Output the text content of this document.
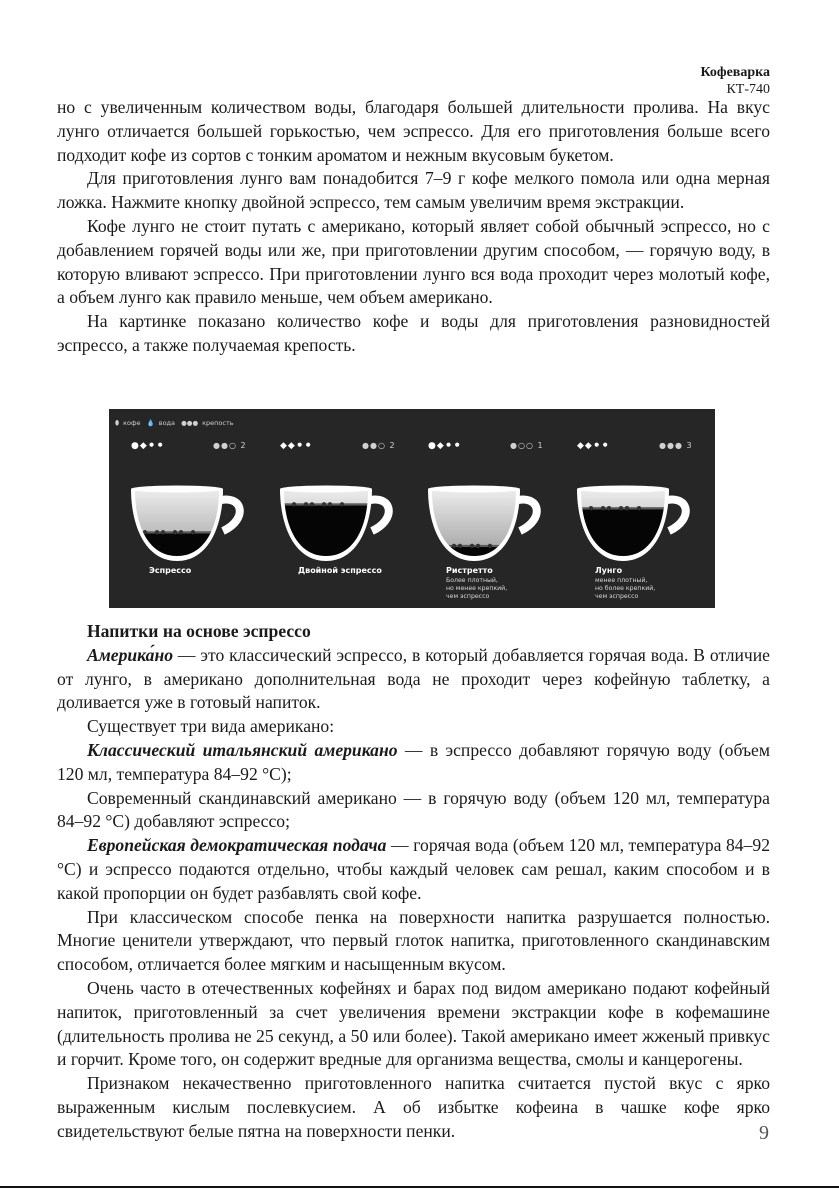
Кофеварка
КТ-740

но с увеличенным количеством воды, благодаря большей длительности пролива. На вкус лунго отличается большей горькостью, чем эспрессо. Для его приготовления больше всего подходит кофе из сортов с тонким ароматом и нежным вкусовым букетом.

Для приготовления лунго вам понадобится 7–9 г кофе мелкого помола или одна мерная ложка. Нажмите кнопку двойной эспрессо, тем самым увеличим время экстракции.

Кофе лунго не стоит путать с американо, который являет собой обычный эспрессо, но с добавлением горячей воды или же, при приготовлении другим способом, — горячую воду, в которую вливают эспрессо. При приготовлении лунго вся вода проходит через молотый кофе, а объем лунго как правило меньше, чем объем американо.

На картинке показано количество кофе и воды для приготовления разновидностей эспрессо, а также получаемая крепость.

⬮ кофе 💧 вода ●●● крепость
●◆⚫⚫	●●○ 2
Эспрессо
◆◆⚫⚫	●●○ 2
Двойной эспрессо
●◆⚫⚫	●○○ 1
Ристретто
Более плотный,
но менее крепкий,
чем эспрессо
◆◆⚫⚫	●●● 3
Лунго
менее плотный,
но более крепкий,
чем эспрессо

Напитки на основе эспрессо

Америка́но — это классический эспрессо, в который добавляется горячая вода. В отличие от лунго, в американо дополнительная вода не проходит через кофейную таблетку, а доливается уже в готовый напиток.

Существует три вида американо:

Классический итальянский американо — в эспрессо добавляют горячую воду (объем 120 мл, температура 84–92 °С);

Современный скандинавский американо — в горячую воду (объем 120 мл, температура 84–92 °С) добавляют эспрессо;

Европейская демократическая подача — горячая вода (объем 120 мл, температура 84–92 °С) и эспрессо подаются отдельно, чтобы каждый человек сам решал, каким способом и в какой пропорции он будет разбавлять свой кофе.

При классическом способе пенка на поверхности напитка разрушается полностью. Многие ценители утверждают, что первый глоток напитка, приготовленного скандинавским способом, отличается более мягким и насыщенным вкусом.

Очень часто в отечественных кофейнях и барах под видом американо подают кофейный напиток, приготовленный за счет увеличения времени экстракции кофе в кофемашине (длительность пролива не 25 секунд, а 50 или более). Такой американо имеет жженый привкус и горчит. Кроме того, он содержит вредные для организма вещества, смолы и канцерогены.

Признаком некачественно приготовленного напитка считается пустой вкус с ярко выраженным кислым послевкусием. А об избытке кофеина в чашке кофе ярко свидетельствуют белые пятна на поверхности пенки.	9
